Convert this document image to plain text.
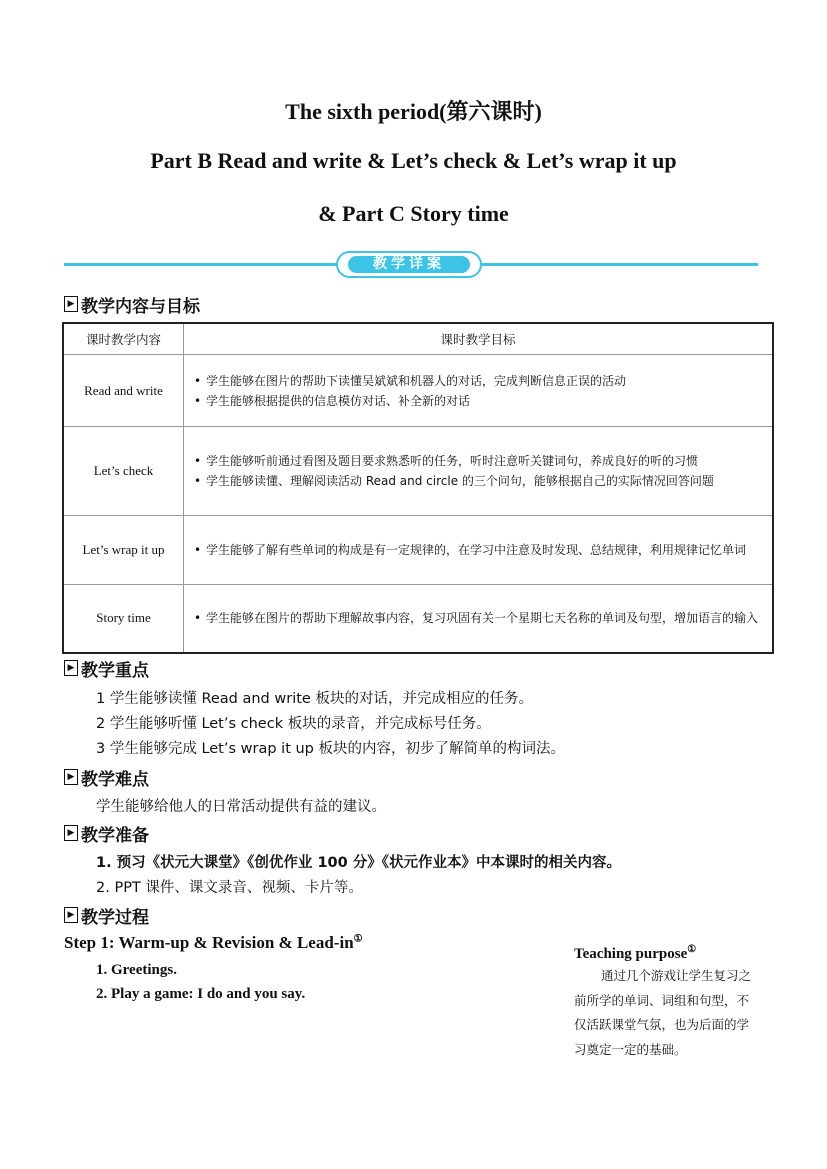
The sixth period(第六课时)
Part B Read and write & Let’s check & Let’s wrap it up
& Part C Story time
教学详案
▶ 教学内容与目标
课时教学内容	课时教学目标
Read and write	• 学生能够在图片的帮助下读懂吴斌斌和机器人的对话，完成判断信息正误的活动
• 学生能够根据提供的信息模仿对话、补全新的对话

Let’s check	• 学生能够听前通过看图及题目要求熟悉听的任务，听时注意听关键词句，养成良好的听的习惯
• 学生能够读懂、理解阅读活动 Read and circle 的三个问句，能够根据自己的实际情况回答问题

Let’s wrap it up	• 学生能够了解有些单词的构成是有一定规律的，在学习中注意及时发现、总结规律，利用规律记忆单词

Story time	• 学生能够在图片的帮助下理解故事内容，复习巩固有关一个星期七天名称的单词及句型，增加语言的输入
▶ 教学重点
1 学生能够读懂 Read and write 板块的对话，并完成相应的任务。
2 学生能够听懂 Let’s check 板块的录音，并完成标号任务。
3 学生能够完成 Let’s wrap it up 板块的内容，初步了解简单的构词法。
▶ 教学难点
学生能够给他人的日常活动提供有益的建议。
▶ 教学准备
1. 预习《状元大课堂》《创优作业 100 分》《状元作业本》中本课时的相关内容。
2. PPT 课件、课文录音、视频、卡片等。
▶ 教学过程
Step 1: Warm-up & Revision & Lead-in①
1. Greetings.
2. Play a game: I do and you say.
Teaching purpose①
通过几个游戏让学生复习之前所学的单词、词组和句型，不仅活跃课堂气氛，也为后面的学习奠定一定的基础。
